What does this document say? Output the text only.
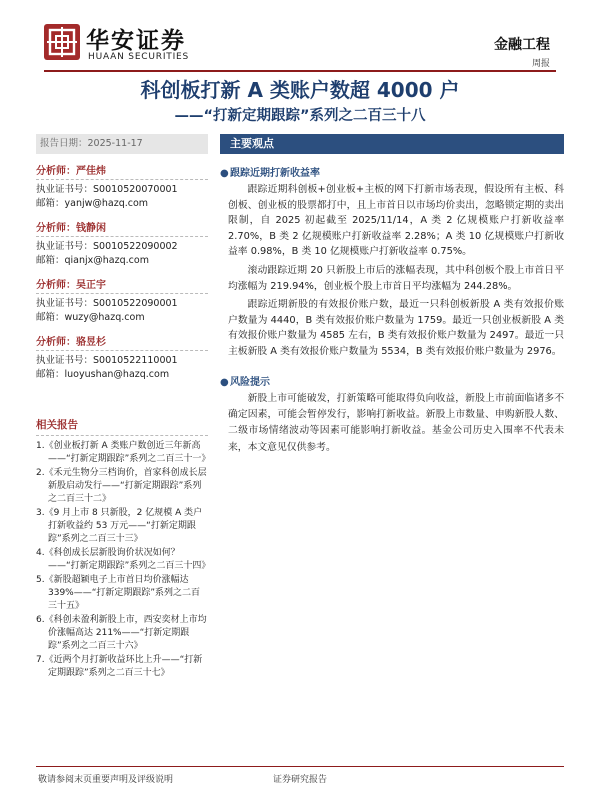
华安证券
HUAAN SECURITIES
金融工程
周报
科创板打新 A 类账户数超 4000 户
——“打新定期跟踪”系列之二百三十八
报告日期：2025-11-17
分析师：严佳炜
执业证书号：S0010520070001
邮箱：yanjw@hazq.com
分析师：钱静闲
执业证书号：S0010522090002
邮箱：qianjx@hazq.com
分析师：吴正宇
执业证书号：S0010522090001
邮箱：wuzy@hazq.com
分析师：骆昱杉
执业证书号：S0010522110001
邮箱：luoyushan@hazq.com
相关报告
1.《创业板打新 A 类账户数创近三年新高——“打新定期跟踪”系列之二百三十一》
2.《禾元生物分三档询价，首家科创成长层新股启动发行——“打新定期跟踪”系列之二百三十二》
3.《9 月上市 8 只新股，2 亿规模 A 类户打新收益约 53 万元——“打新定期跟踪”系列之二百三十三》
4.《科创成长层新股询价状况如何？——“打新定期跟踪”系列之二百三十四》
5.《新股超颖电子上市首日均价涨幅达 339%——“打新定期跟踪”系列之二百三十五》
6.《科创未盈利新股上市，西安奕材上市均价涨幅高达 211%——“打新定期跟踪”系列之二百三十六》
7.《近两个月打新收益环比上升——“打新定期跟踪”系列之二百三十七》
主要观点
●跟踪近期打新收益率

跟踪近期科创板+创业板+主板的网下打新市场表现，假设所有主板、科创板、创业板的股票都打中，且上市首日以市场均价卖出，忽略锁定期的卖出限制，自 2025 初起截至 2025/11/14，A 类 2 亿规模账户打新收益率 2.70%，B 类 2 亿规模账户打新收益率 2.28%；A 类 10 亿规模账户打新收益率 0.98%，B 类 10 亿规模账户打新收益率 0.75%。

滚动跟踪近期 20 只新股上市后的涨幅表现，其中科创板个股上市首日平均涨幅为 219.94%，创业板个股上市首日平均涨幅为 244.28%。

跟踪近期新股的有效报价账户数，最近一只科创板新股 A 类有效报价账户数量为 4440，B 类有效报价账户数量为 1759。最近一只创业板新股 A 类有效报价账户数量为 4585 左右，B 类有效报价账户数量为 2497。最近一只主板新股 A 类有效报价账户数量为 5534，B 类有效报价账户数量为 2976。

●风险提示

新股上市可能破发，打新策略可能取得负向收益，新股上市前面临诸多不确定因素，可能会暂停发行，影响打新收益。新股上市数量、申购新股人数、二级市场情绪波动等因素可能影响打新收益。基金公司历史入围率不代表未来，本文意见仅供参考。

敬请参阅末页重要声明及评级说明	证券研究报告
